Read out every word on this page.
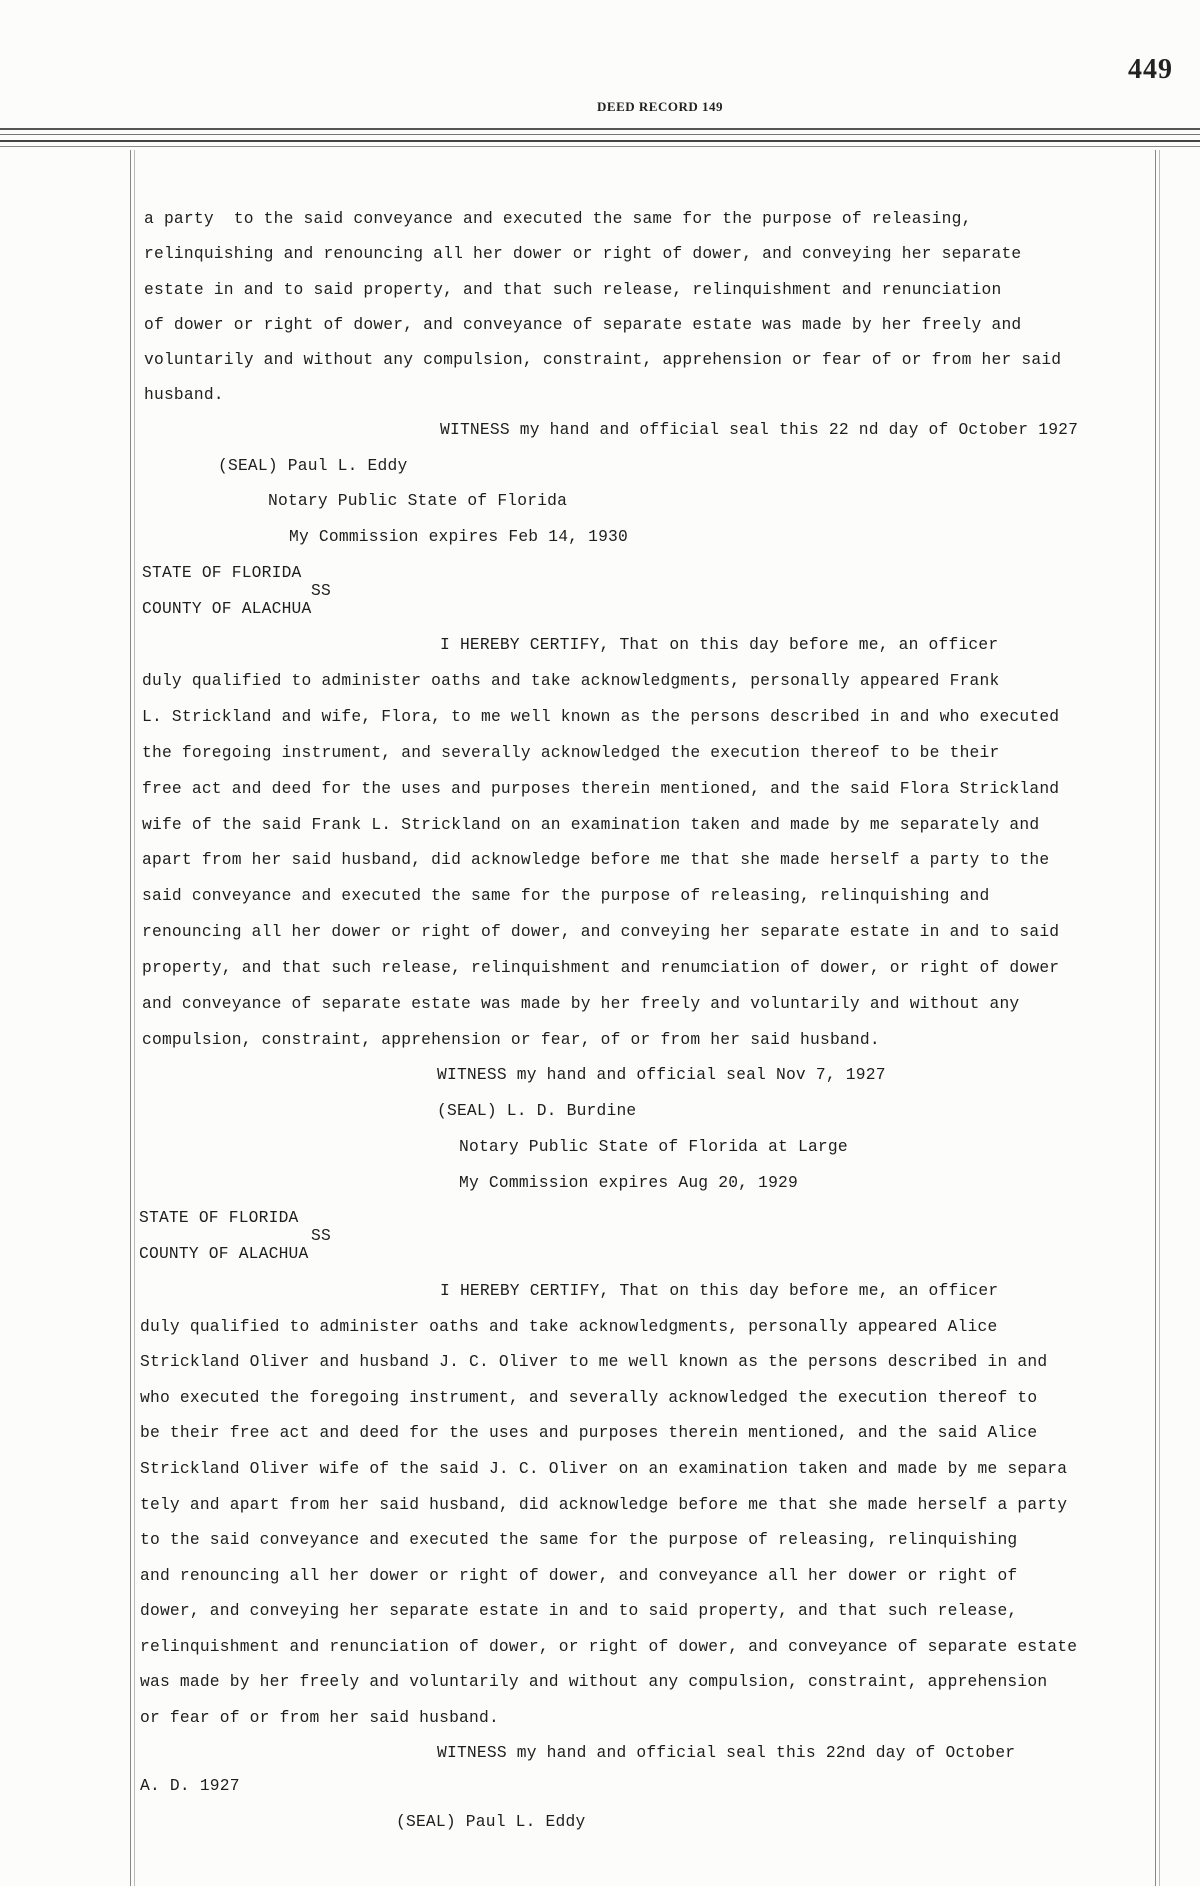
449
DEED RECORD 149
a party  to the said conveyance and executed the same for the purpose of releasing,
relinquishing and renouncing all her dower or right of dower, and conveying her separate
estate in and to said property, and that such release, relinquishment and renunciation
of dower or right of dower, and conveyance of separate estate was made by her freely and
voluntarily and without any compulsion, constraint, apprehension or fear of or from her said
husband.
WITNESS my hand and official seal this 22 nd day of October 1927
(SEAL) Paul L. Eddy
Notary Public State of Florida
My Commission expires Feb 14, 1930
STATE OF FLORIDA
SS
COUNTY OF ALACHUA
I HEREBY CERTIFY, That on this day before me, an officer
duly qualified to administer oaths and take acknowledgments, personally appeared Frank
L. Strickland and wife, Flora, to me well known as the persons described in and who executed
the foregoing instrument, and severally acknowledged the execution thereof to be their
free act and deed for the uses and purposes therein mentioned, and the said Flora Strickland
wife of the said Frank L. Strickland on an examination taken and made by me separately and
apart from her said husband, did acknowledge before me that she made herself a party to the
said conveyance and executed the same for the purpose of releasing, relinquishing and
renouncing all her dower or right of dower, and conveying her separate estate in and to said
property, and that such release, relinquishment and renumciation of dower, or right of dower
and conveyance of separate estate was made by her freely and voluntarily and without any
compulsion, constraint, apprehension or fear, of or from her said husband.
WITNESS my hand and official seal Nov 7, 1927
(SEAL) L. D. Burdine
Notary Public State of Florida at Large
My Commission expires Aug 20, 1929
STATE OF FLORIDA
SS
COUNTY OF ALACHUA
I HEREBY CERTIFY, That on this day before me, an officer
duly qualified to administer oaths and take acknowledgments, personally appeared Alice
Strickland Oliver and husband J. C. Oliver to me well known as the persons described in and
who executed the foregoing instrument, and severally acknowledged the execution thereof to
be their free act and deed for the uses and purposes therein mentioned, and the said Alice
Strickland Oliver wife of the said J. C. Oliver on an examination taken and made by me separa
tely and apart from her said husband, did acknowledge before me that she made herself a party
to the said conveyance and executed the same for the purpose of releasing, relinquishing
and renouncing all her dower or right of dower, and conveyance all her dower or right of
dower, and conveying her separate estate in and to said property, and that such release,
relinquishment and renunciation of dower, or right of dower, and conveyance of separate estate
was made by her freely and voluntarily and without any compulsion, constraint, apprehension
or fear of or from her said husband.
WITNESS my hand and official seal this 22nd day of October
A. D. 1927
(SEAL) Paul L. Eddy
